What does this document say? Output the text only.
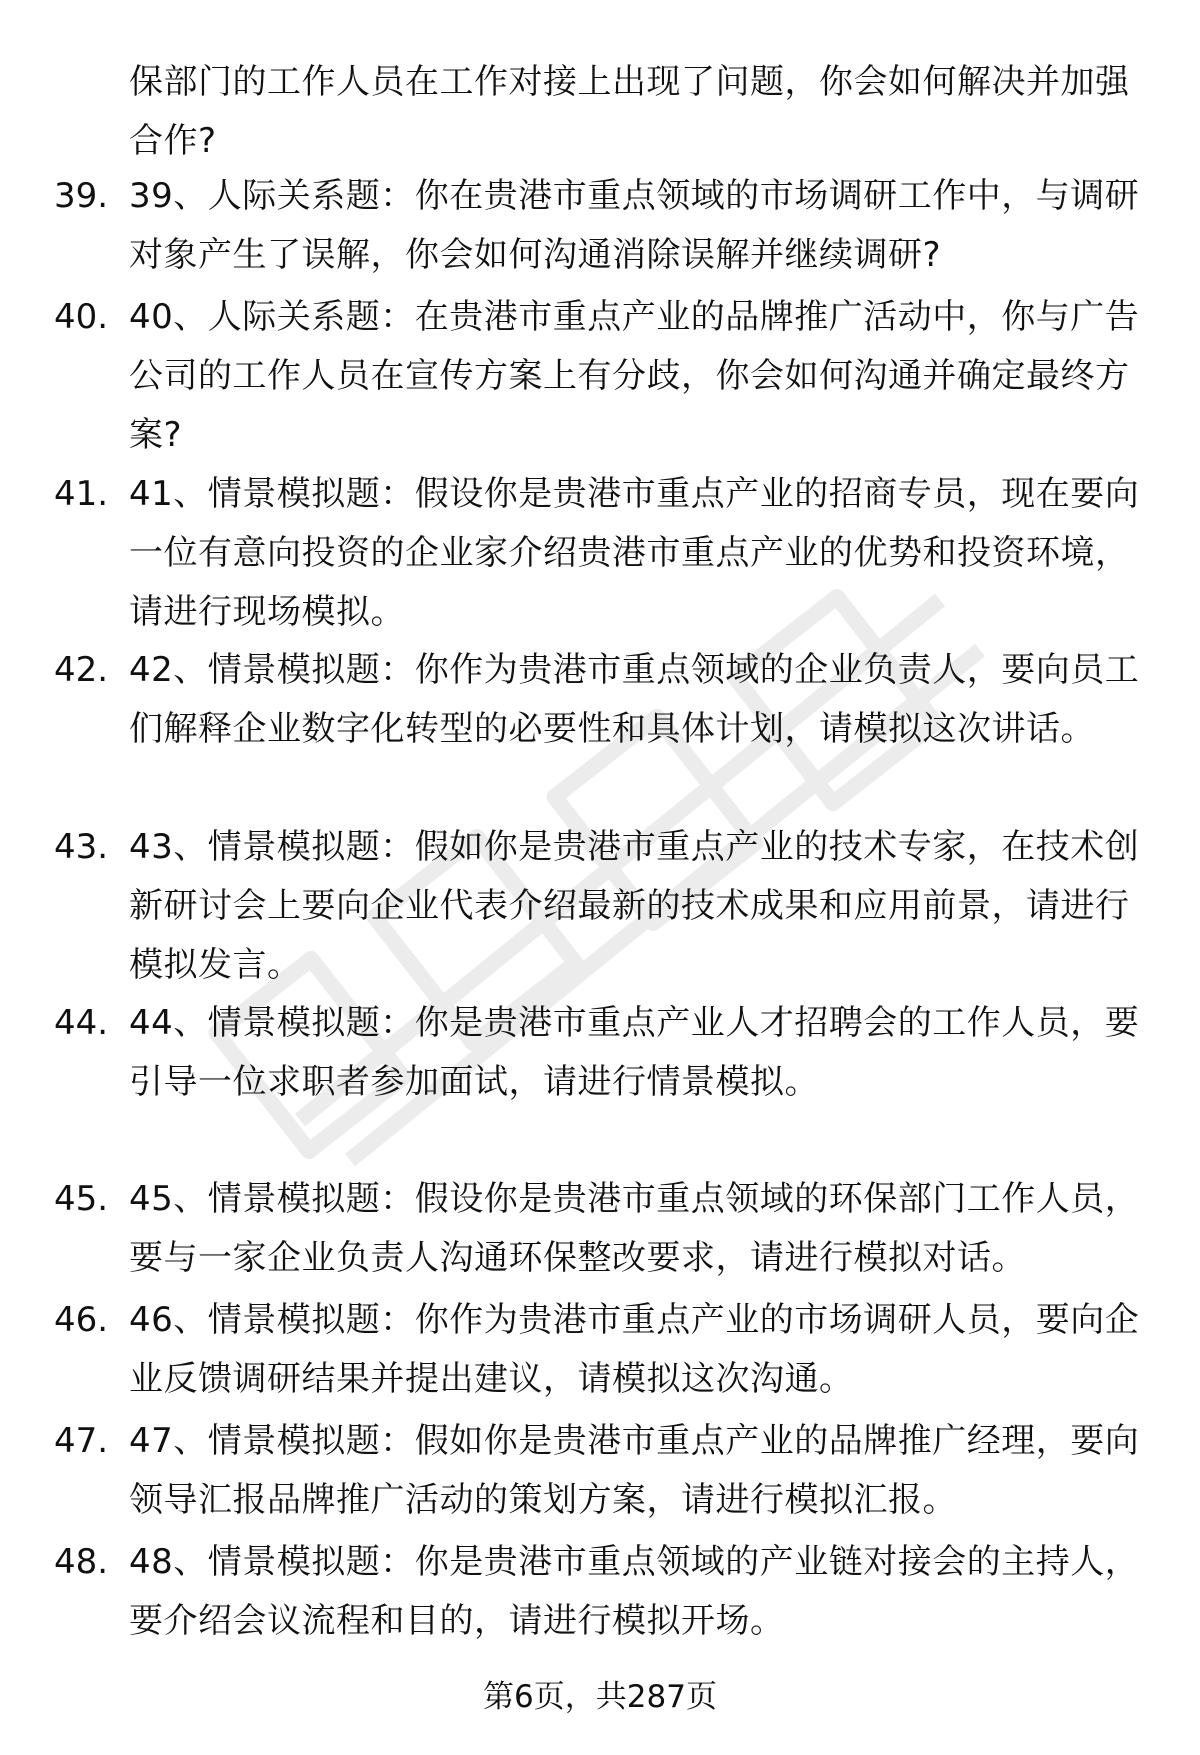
保部门的工作人员在工作对接上出现了问题，你会如何解决并加强合作?
39. 39、人际关系题：你在贵港市重点领域的市场调研工作中，与调研对象产生了误解，你会如何沟通消除误解并继续调研?
40. 40、人际关系题：在贵港市重点产业的品牌推广活动中，你与广告公司的工作人员在宣传方案上有分歧，你会如何沟通并确定最终方案?
41. 41、情景模拟题：假设你是贵港市重点产业的招商专员，现在要向一位有意向投资的企业家介绍贵港市重点产业的优势和投资环境，请进行现场模拟。
42. 42、情景模拟题：你作为贵港市重点领域的企业负责人，要向员工们解释企业数字化转型的必要性和具体计划，请模拟这次讲话。
43. 43、情景模拟题：假如你是贵港市重点产业的技术专家，在技术创新研讨会上要向企业代表介绍最新的技术成果和应用前景，请进行模拟发言。
44. 44、情景模拟题：你是贵港市重点产业人才招聘会的工作人员，要引导一位求职者参加面试，请进行情景模拟。
45. 45、情景模拟题：假设你是贵港市重点领域的环保部门工作人员，要与一家企业负责人沟通环保整改要求，请进行模拟对话。
46. 46、情景模拟题：你作为贵港市重点产业的市场调研人员，要向企业反馈调研结果并提出建议，请模拟这次沟通。
47. 47、情景模拟题：假如你是贵港市重点产业的品牌推广经理，要向领导汇报品牌推广活动的策划方案，请进行模拟汇报。
48. 48、情景模拟题：你是贵港市重点领域的产业链对接会的主持人，要介绍会议流程和目的，请进行模拟开场。
第6页，共287页
